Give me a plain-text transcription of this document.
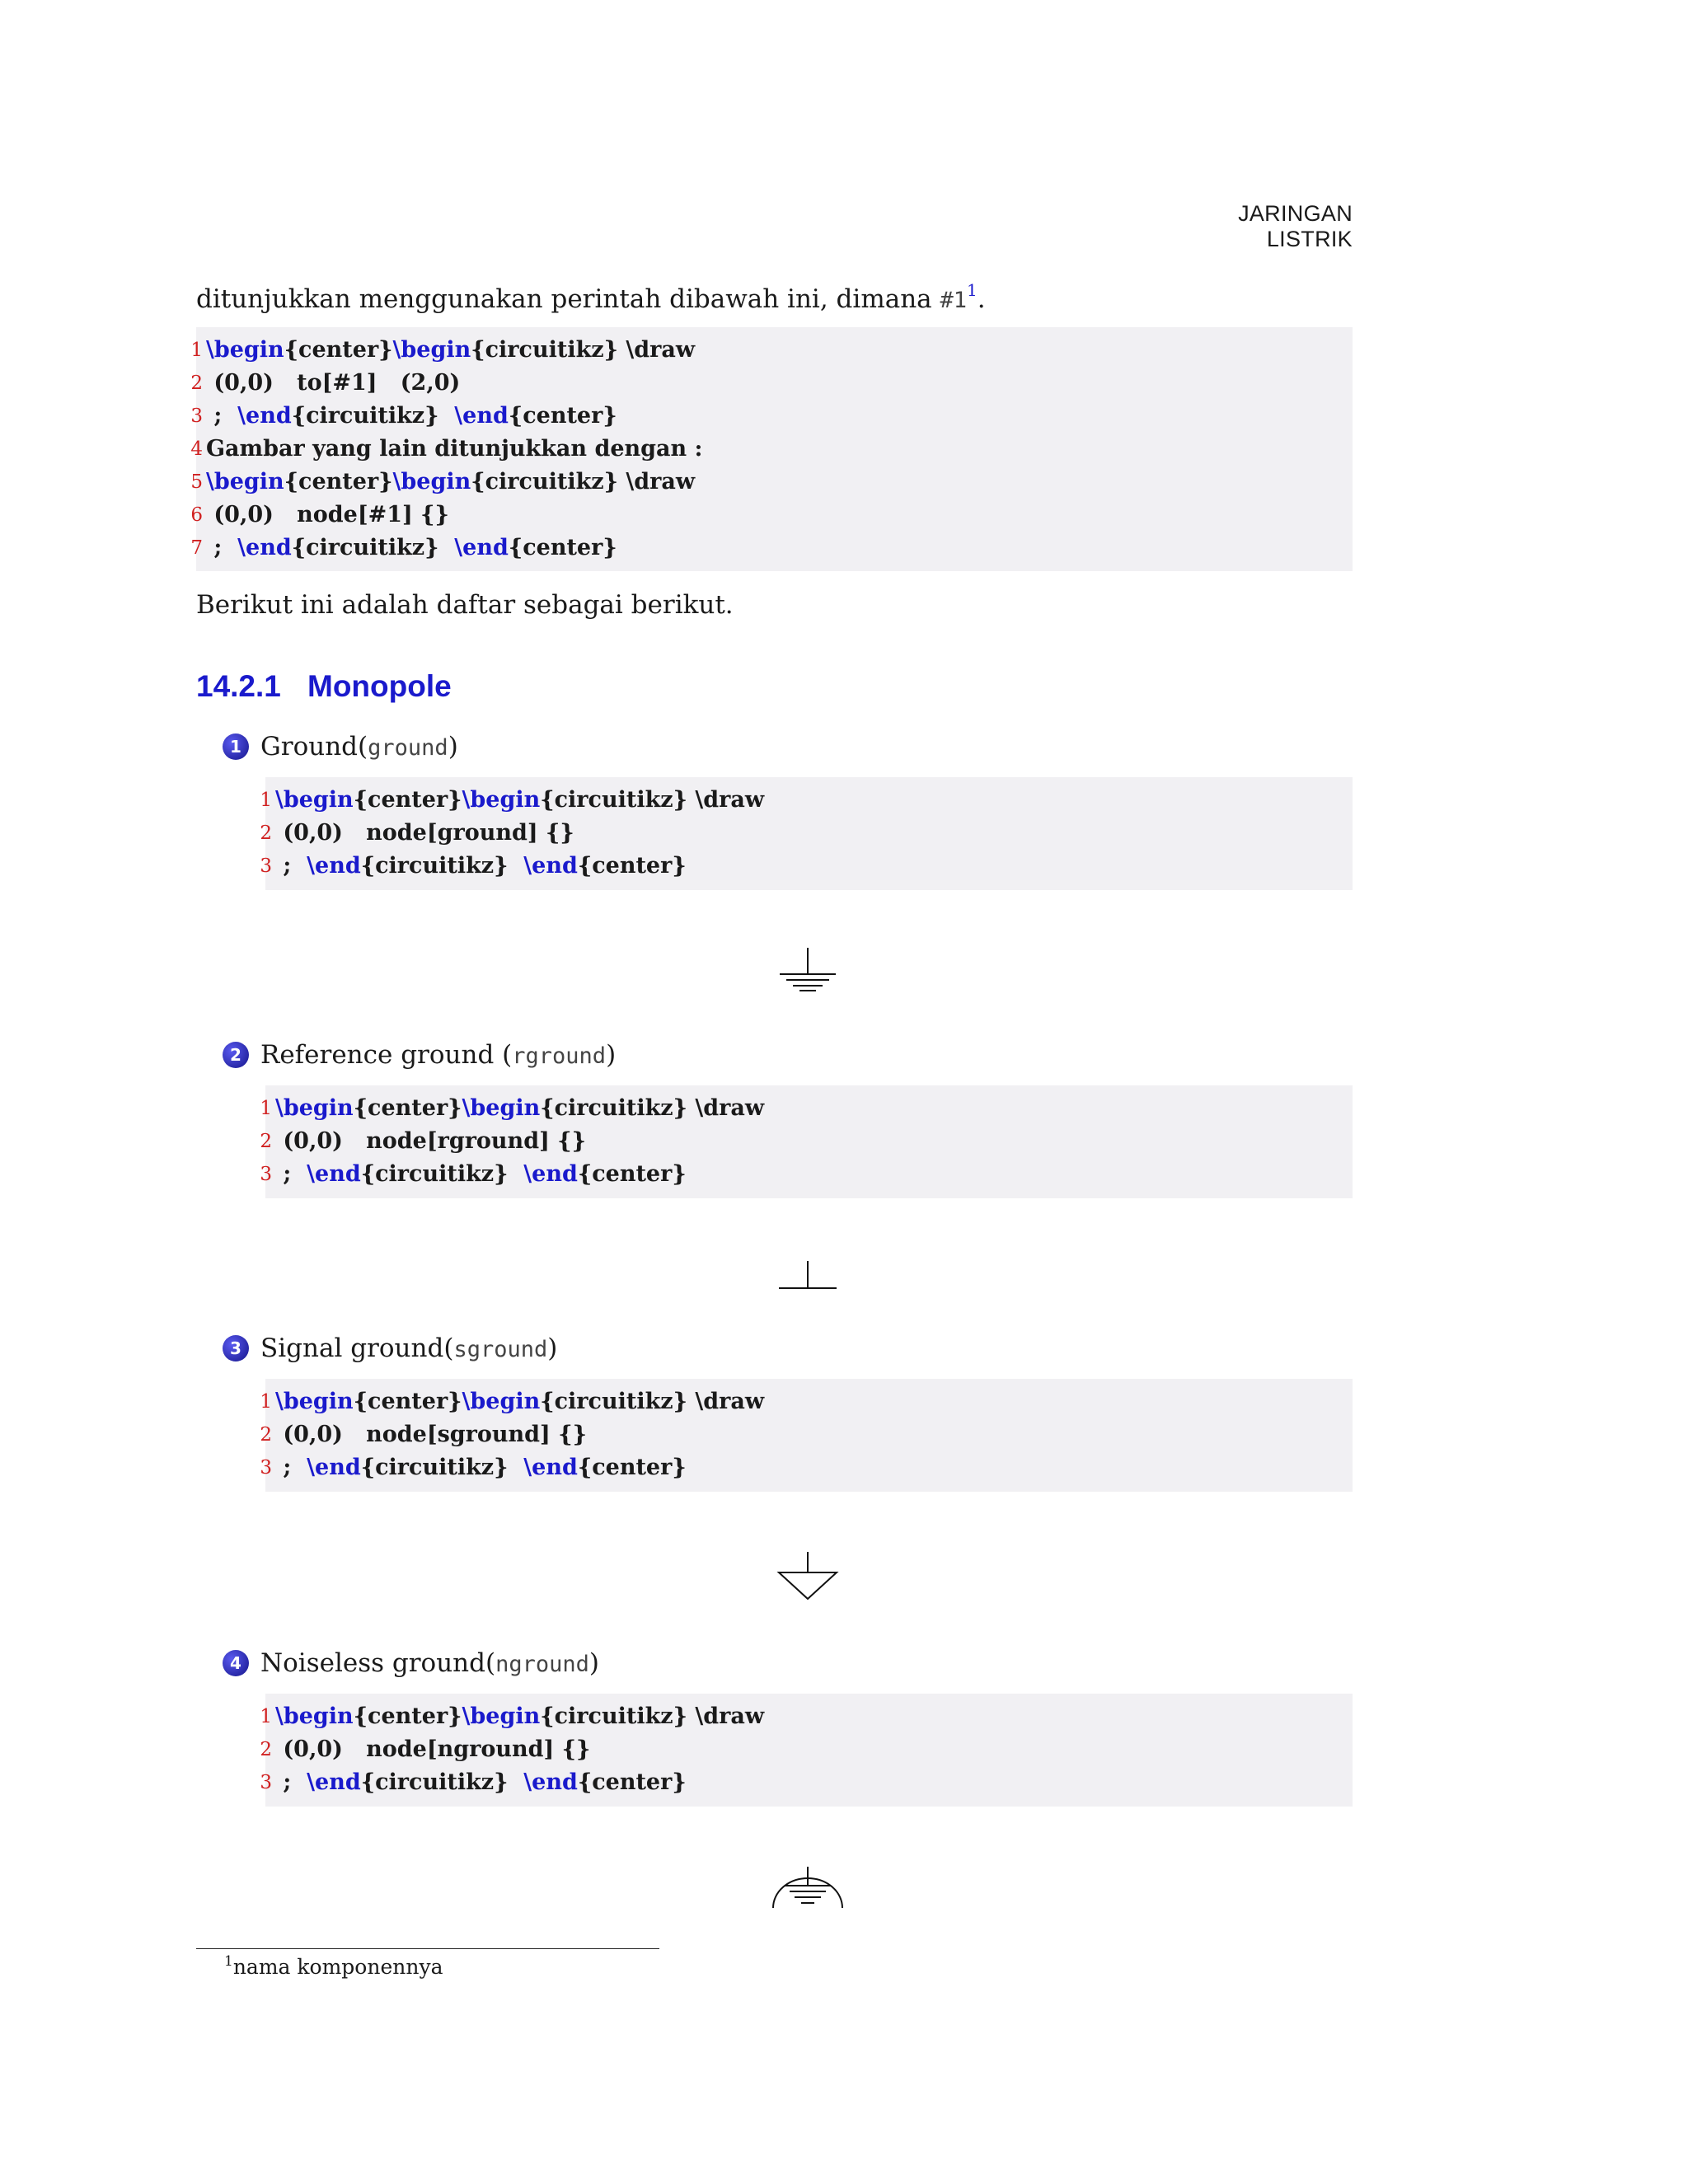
JARINGAN LISTRIK
ditunjukkan menggunakan perintah dibawah ini, dimana #1$^1$.
1 \begin{center}\begin{circuitikz} \draw
2 (0,0)   to[#1]   (2,0)
3 ;  \end{circuitikz}  \end{center}
4 Gambar yang lain ditunjukkan dengan :
5 \begin{center}\begin{circuitikz} \draw
6 (0,0)   node[#1] {}
7 ;  \end{circuitikz}  \end{center}
Berikut ini adalah daftar sebagai berikut.
14.2.1 Monopole
1 Ground(ground)
1 \begin{center}\begin{circuitikz} \draw
2 (0,0)   node[ground] {}
3 ;  \end{circuitikz}  \end{center}
2 Reference ground (rground)
1 \begin{center}\begin{circuitikz} \draw
2 (0,0)   node[rground] {}
3 ;  \end{circuitikz}  \end{center}
3 Signal ground(sground)
1 \begin{center}\begin{circuitikz} \draw
2 (0,0)   node[sground] {}
3 ;  \end{circuitikz}  \end{center}
4 Noiseless ground(nground)
1 \begin{center}\begin{circuitikz} \draw
2 (0,0)   node[nground] {}
3 ;  \end{circuitikz}  \end{center}
$^1$nama komponennya
